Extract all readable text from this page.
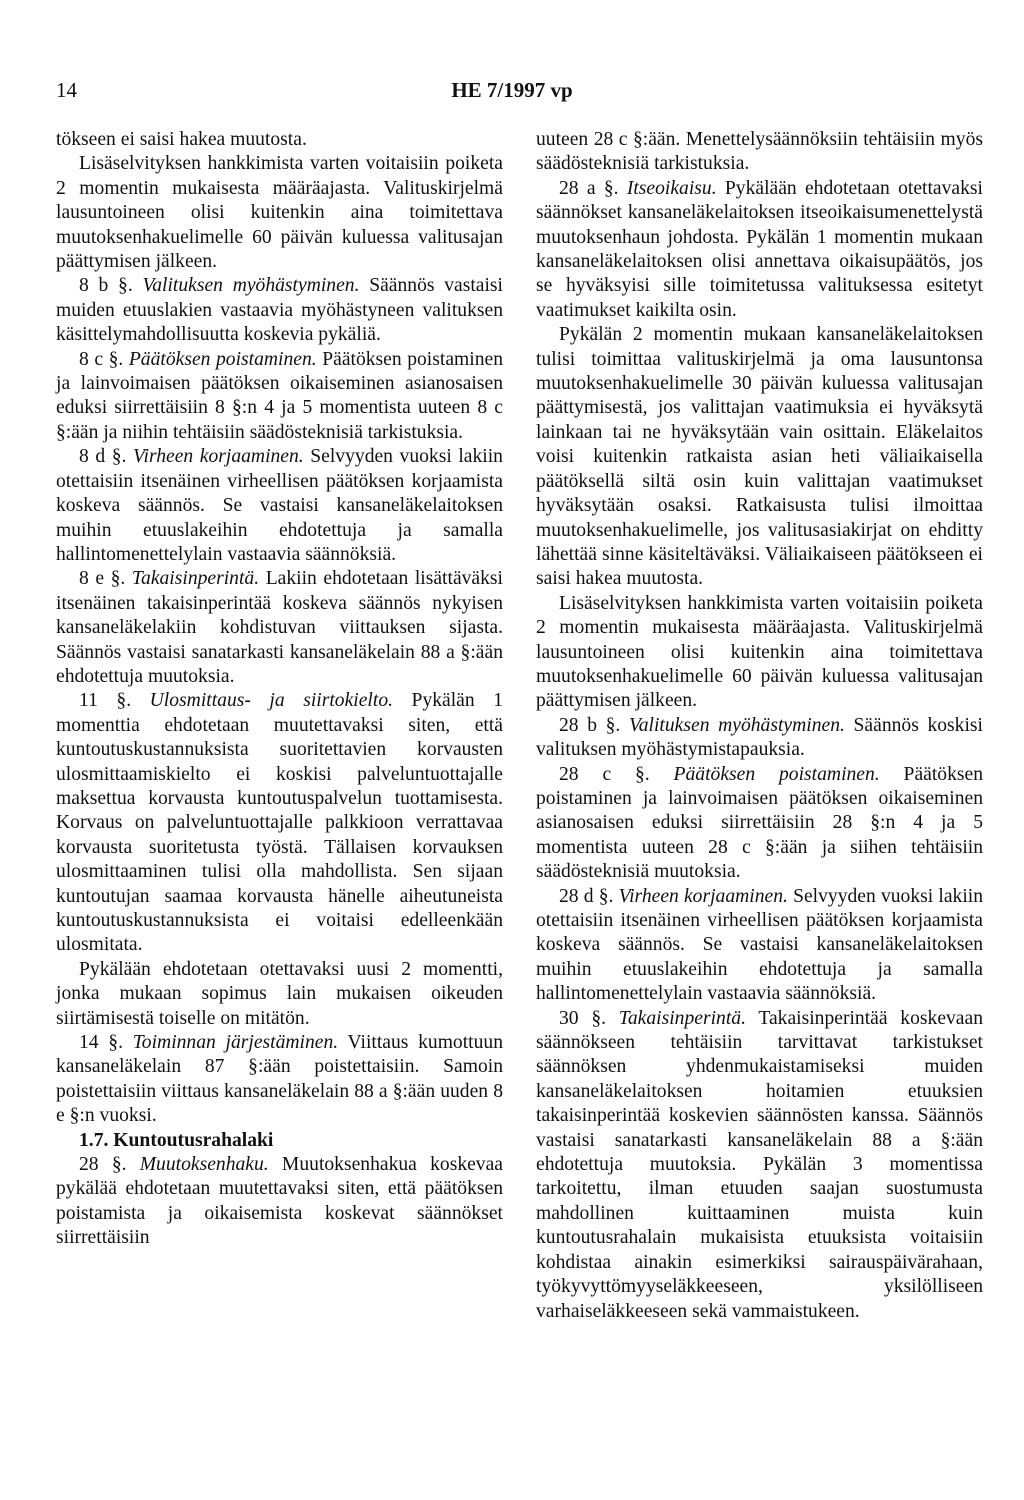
14	HE 7/1997 vp

tökseen ei saisi hakea muutosta.

Lisäselvityksen hankkimista varten voitaisiin poiketa 2 momentin mukaisesta määräajasta. Valituskirjelmä lausuntoineen olisi kuitenkin aina toimitettava muutoksenhakuelimelle 60 päivän kuluessa valitusajan päättymisen jälkeen.

8 b §. Valituksen myöhästyminen. Säännös vastaisi muiden etuuslakien vastaavia myöhästyneen valituksen käsittelymahdollisuutta koskevia pykäliä.

8 c §. Päätöksen poistaminen. Päätöksen poistaminen ja lainvoimaisen päätöksen oikaiseminen asianosaisen eduksi siirrettäisiin 8 §:n 4 ja 5 momentista uuteen 8 c §:ään ja niihin tehtäisiin säädösteknisiä tarkistuksia.

8 d §. Virheen korjaaminen. Selvyyden vuoksi lakiin otettaisiin itsenäinen virheellisen päätöksen korjaamista koskeva säännös. Se vastaisi kansaneläkelaitoksen muihin etuuslakeihin ehdotettuja ja samalla hallintomenettelylain vastaavia säännöksiä.

8 e §. Takaisinperintä. Lakiin ehdotetaan lisättäväksi itsenäinen takaisinperintää koskeva säännös nykyisen kansaneläkelakiin kohdistuvan viittauksen sijasta. Säännös vastaisi sanatarkasti kansaneläkelain 88 a §:ään ehdotettuja muutoksia.

11 §. Ulosmittaus- ja siirtokielto. Pykälän 1 momenttia ehdotetaan muutettavaksi siten, että kuntoutuskustannuksista suoritettavien korvausten ulosmittaamiskielto ei koskisi palveluntuottajalle maksettua korvausta kuntoutuspalvelun tuottamisesta. Korvaus on palveluntuottajalle palkkioon verrattavaa korvausta suoritetusta työstä. Tällaisen korvauksen ulosmittaaminen tulisi olla mahdollista. Sen sijaan kuntoutujan saamaa korvausta hänelle aiheutuneista kuntoutuskustannuksista ei voitaisi edelleenkään ulosmitata.

Pykälään ehdotetaan otettavaksi uusi 2 momentti, jonka mukaan sopimus lain mukaisen oikeuden siirtämisestä toiselle on mitätön.

14 §. Toiminnan järjestäminen. Viittaus kumottuun kansaneläkelain 87 §:ään poistettaisiin. Samoin poistettaisiin viittaus kansaneläkelain 88 a §:ään uuden 8 e §:n vuoksi.

1.7. Kuntoutusrahalaki

28 §. Muutoksenhaku. Muutoksenhakua koskevaa pykälää ehdotetaan muutettavaksi siten, että päätöksen poistamista ja oikaisemista koskevat säännökset siirrettäisiin

uuteen 28 c §:ään. Menettelysäännöksiin tehtäisiin myös säädösteknisiä tarkistuksia.

28 a §. Itseoikaisu. Pykälään ehdotetaan otettavaksi säännökset kansaneläkelaitoksen itseoikaisumenettelystä muutoksenhaun johdosta. Pykälän 1 momentin mukaan kansaneläkelaitoksen olisi annettava oikaisupäätös, jos se hyväksyisi sille toimitetussa valituksessa esitetyt vaatimukset kaikilta osin.

Pykälän 2 momentin mukaan kansaneläkelaitoksen tulisi toimittaa valituskirjelmä ja oma lausuntonsa muutoksenhakuelimelle 30 päivän kuluessa valitusajan päättymisestä, jos valittajan vaatimuksia ei hyväksytä lainkaan tai ne hyväksytään vain osittain. Eläkelaitos voisi kuitenkin ratkaista asian heti väliaikaisella päätöksellä siltä osin kuin valittajan vaatimukset hyväksytään osaksi. Ratkaisusta tulisi ilmoittaa muutoksenhakuelimelle, jos valitusasiakirjat on ehditty lähettää sinne käsiteltäväksi. Väliaikaiseen päätökseen ei saisi hakea muutosta.

Lisäselvityksen hankkimista varten voitaisiin poiketa 2 momentin mukaisesta määräajasta. Valituskirjelmä lausuntoineen olisi kuitenkin aina toimitettava muutoksenhakuelimelle 60 päivän kuluessa valitusajan päättymisen jälkeen.

28 b §. Valituksen myöhästyminen. Säännös koskisi valituksen myöhästymistapauksia.

28 c §. Päätöksen poistaminen. Päätöksen poistaminen ja lainvoimaisen päätöksen oikaiseminen asianosaisen eduksi siirrettäisiin 28 §:n 4 ja 5 momentista uuteen 28 c §:ään ja siihen tehtäisiin säädösteknisiä muutoksia.

28 d §. Virheen korjaaminen. Selvyyden vuoksi lakiin otettaisiin itsenäinen virheellisen päätöksen korjaamista koskeva säännös. Se vastaisi kansaneläkelaitoksen muihin etuuslakeihin ehdotettuja ja samalla hallintomenettelylain vastaavia säännöksiä.

30 §. Takaisinperintä. Takaisinperintää koskevaan säännökseen tehtäisiin tarvittavat tarkistukset säännöksen yhdenmukaistamiseksi muiden kansaneläkelaitoksen hoitamien etuuksien takaisinperintää koskevien säännösten kanssa. Säännös vastaisi sanatarkasti kansaneläkelain 88 a §:ään ehdotettuja muutoksia. Pykälän 3 momentissa tarkoitettu, ilman etuuden saajan suostumusta mahdollinen kuittaaminen muista kuin kuntoutusrahalain mukaisista etuuksista voitaisiin kohdistaa ainakin esimerkiksi sairauspäivärahaan, työkyvyttömyyseläkkeeseen, yksilölliseen varhaiseläkkeeseen sekä vammaistukeen.
